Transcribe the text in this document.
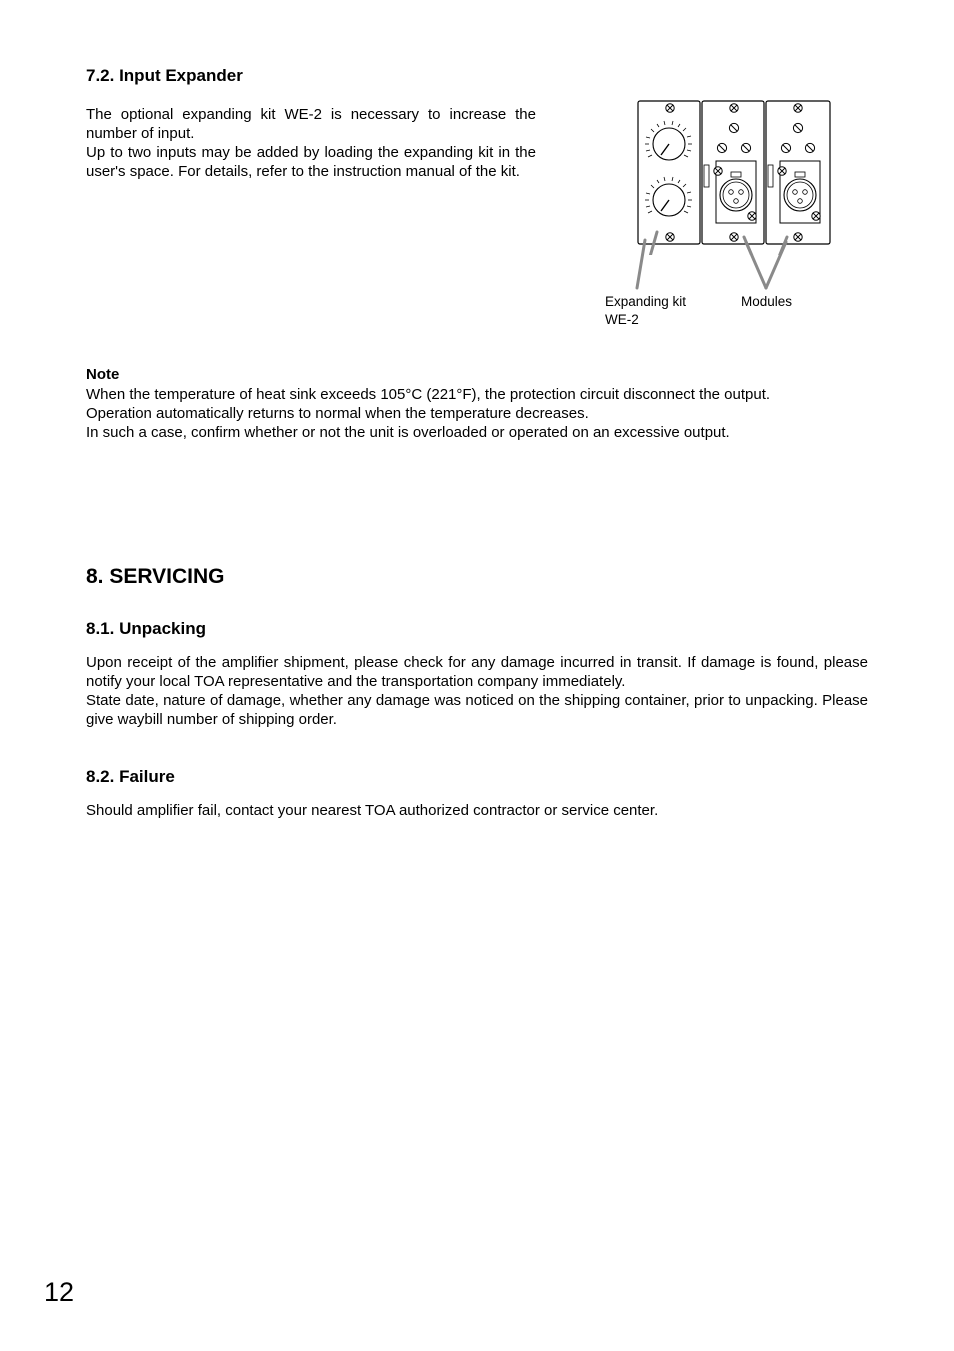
7.2. Input Expander

The optional expanding kit WE-2 is necessary to increase the number of input.

Up to two inputs may be added by loading the expanding kit in the user's space. For details, refer to the instruction manual of the kit.

Expanding kit
WE-2
Modules
Note

When the temperature of heat sink exceeds 105°C (221°F), the protection circuit disconnect the output.

Operation automatically returns to normal when the temperature decreases.

In such a case, confirm whether or not the unit is overloaded or operated on an excessive output.

8. SERVICING
8.1. Unpacking

Upon receipt of the amplifier shipment, please check for any damage incurred in transit. If damage is found, please notify your local TOA representative and the transportation company immediately.

State date, nature of damage, whether any damage was noticed on the shipping container, prior to unpacking. Please give waybill number of shipping order.

8.2. Failure

Should amplifier fail, contact your nearest TOA authorized contractor or service center.

12
